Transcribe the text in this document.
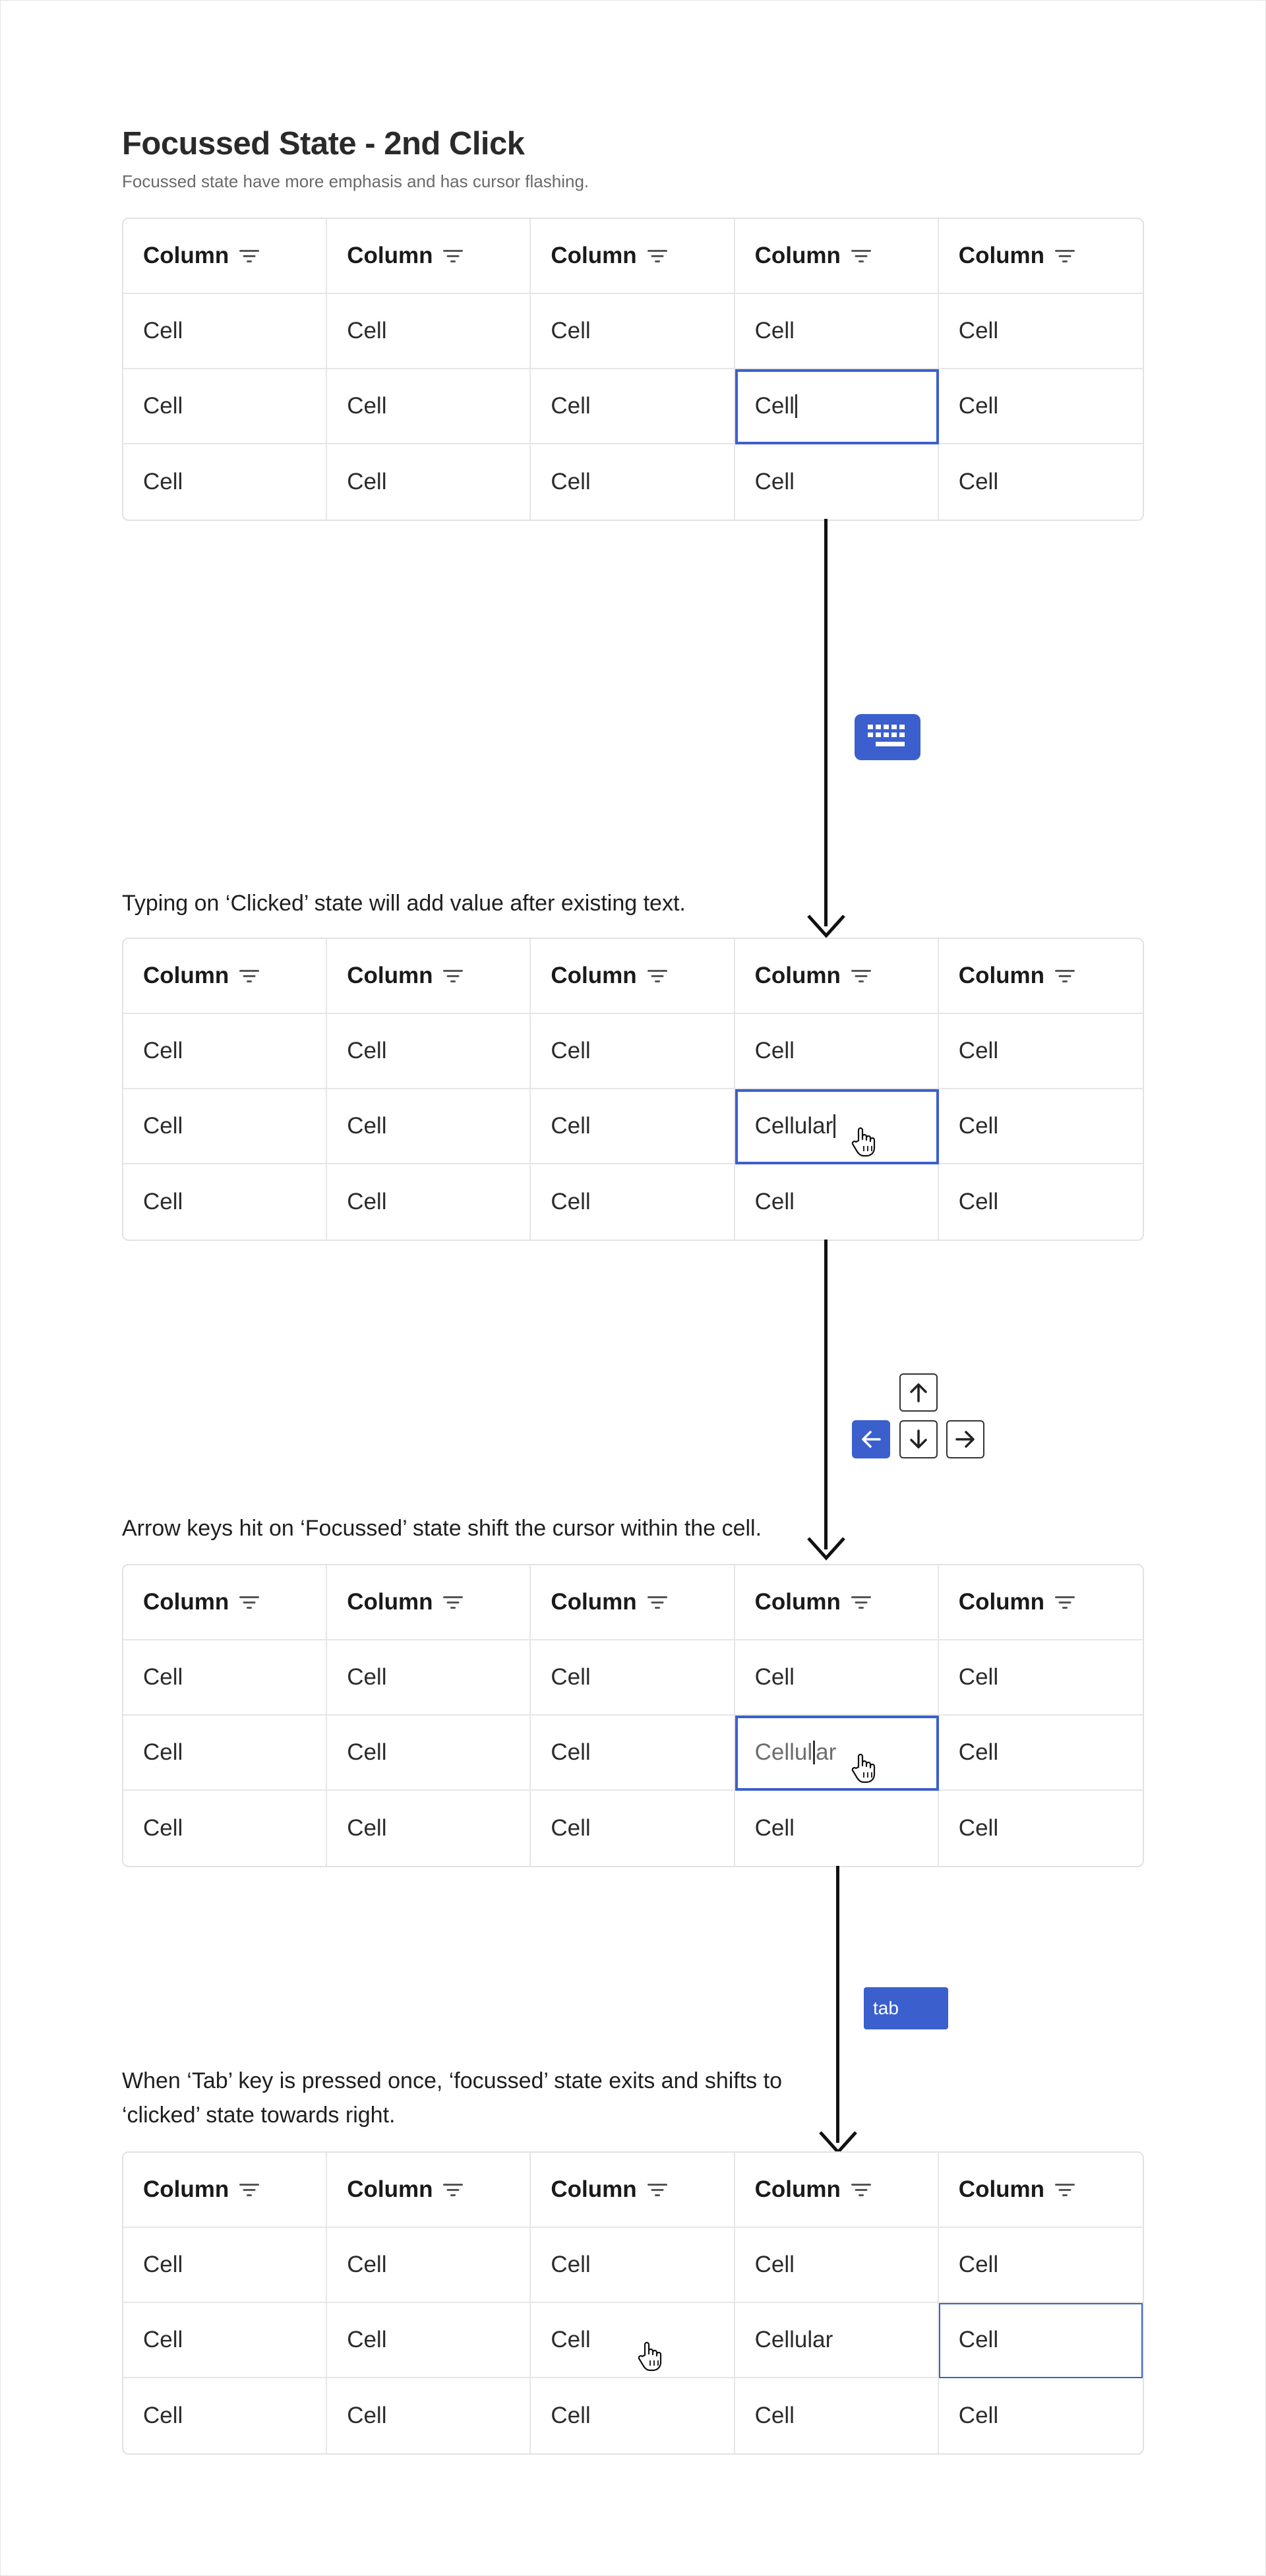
Focussed State - 2nd Click
Focussed state have more emphasis and has cursor flashing.
Column	Column	Column	Column	Column
Cell	Cell	Cell	Cell	Cell
Cell	Cell	Cell	Cell	Cell
Cell	Cell	Cell	Cell	Cell
Typing on ‘Clicked’ state will add value after existing text.
Column	Column	Column	Column	Column
Cell	Cell	Cell	Cell	Cell
Cell	Cell	Cell	Cellular	Cell
Cell	Cell	Cell	Cell	Cell
Arrow keys hit on ‘Focussed’ state shift the cursor within the cell.
Column	Column	Column	Column	Column
Cell	Cell	Cell	Cell	Cell
Cell	Cell	Cell	Cellul ar	Cell
Cell	Cell	Cell	Cell	Cell
tab
When ‘Tab’ key is pressed once, ‘focussed’ state exits and shifts to ‘clicked’ state towards right.
Column	Column	Column	Column	Column
Cell	Cell	Cell	Cell	Cell
Cell	Cell	Cell	Cellular	Cell
Cell	Cell	Cell	Cell	Cell
